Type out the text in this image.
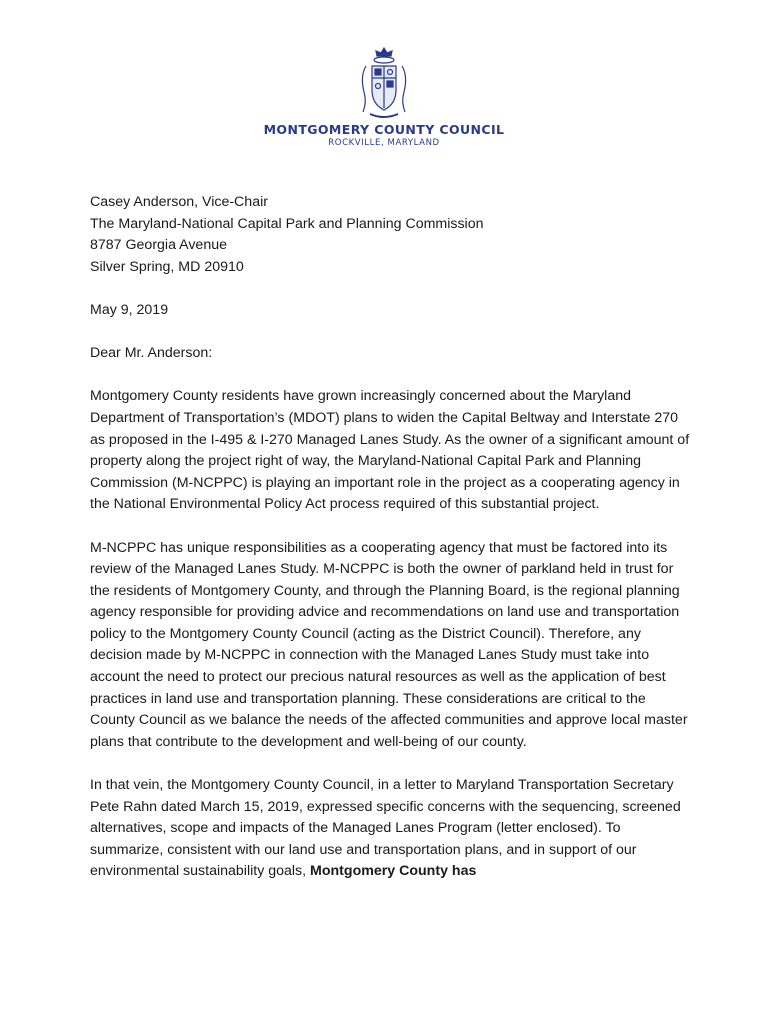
MONTGOMERY COUNTY COUNCIL
ROCKVILLE, MARYLAND

Casey Anderson, Vice-Chair

The Maryland-National Capital Park and Planning Commission

8787 Georgia Avenue

Silver Spring, MD 20910

May 9, 2019

Dear Mr. Anderson:

Montgomery County residents have grown increasingly concerned about the Maryland Department of Transportation’s (MDOT) plans to widen the Capital Beltway and Interstate 270 as proposed in the I-495 & I-270 Managed Lanes Study. As the owner of a significant amount of property along the project right of way, the Maryland-National Capital Park and Planning Commission (M-NCPPC) is playing an important role in the project as a cooperating agency in the National Environmental Policy Act process required of this substantial project.

M-NCPPC has unique responsibilities as a cooperating agency that must be factored into its review of the Managed Lanes Study. M-NCPPC is both the owner of parkland held in trust for the residents of Montgomery County, and through the Planning Board, is the regional planning agency responsible for providing advice and recommendations on land use and transportation policy to the Montgomery County Council (acting as the District Council). Therefore, any decision made by M-NCPPC in connection with the Managed Lanes Study must take into account the need to protect our precious natural resources as well as the application of best practices in land use and transportation planning. These considerations are critical to the County Council as we balance the needs of the affected communities and approve local master plans that contribute to the development and well-being of our county.

In that vein, the Montgomery County Council, in a letter to Maryland Transportation Secretary Pete Rahn dated March 15, 2019, expressed specific concerns with the sequencing, screened alternatives, scope and impacts of the Managed Lanes Program (letter enclosed). To summarize, consistent with our land use and transportation plans, and in support of our environmental sustainability goals, Montgomery County has
